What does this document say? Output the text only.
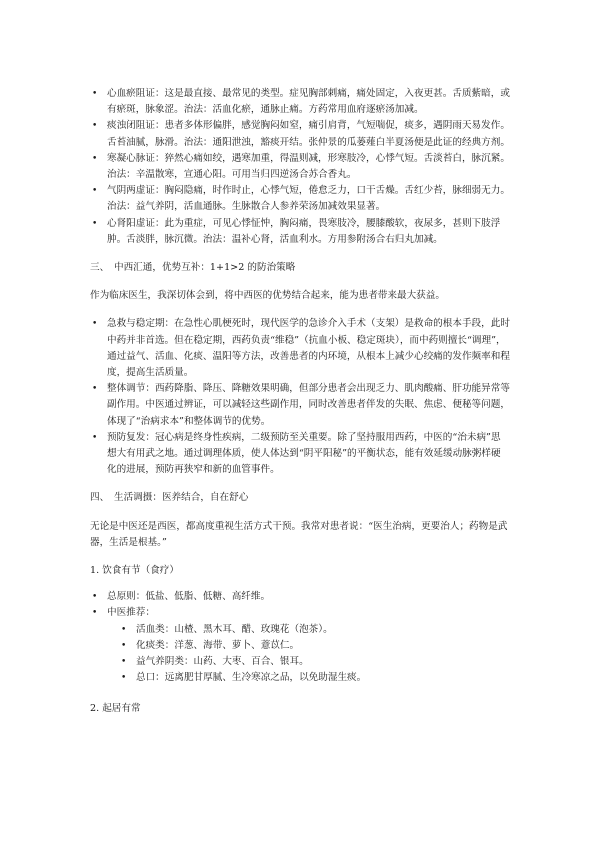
• 心血瘀阻证：这是最直接、最常见的类型。症见胸部刺痛，痛处固定，入夜更甚。舌质紫暗，或有瘀斑，脉象涩。治法：活血化瘀，通脉止痛。方药常用血府逐瘀汤加减。
• 痰浊闭阻证：患者多体形偏胖，感觉胸闷如窒，痛引肩背，气短喘促，痰多，遇阴雨天易发作。舌苔油腻，脉滑。治法：通阳泄浊，豁痰开结。张仲景的瓜蒌薤白半夏汤便是此证的经典方剂。
• 寒凝心脉证：猝然心痛如绞，遇寒加重，得温则减，形寒肢冷，心悸气短。舌淡苔白，脉沉紧。治法：辛温散寒，宣通心阳。可用当归四逆汤合苏合香丸。
• 气阴两虚证：胸闷隐痛，时作时止，心悸气短，倦怠乏力，口干舌燥。舌红少苔，脉细弱无力。治法：益气养阴，活血通脉。生脉散合人参养荣汤加减效果显著。
• 心肾阳虚证：此为重症，可见心悸怔忡，胸闷痛，畏寒肢冷，腰膝酸软，夜尿多，甚则下肢浮肿。舌淡胖，脉沉微。治法：温补心肾，活血利水。方用参附汤合右归丸加减。
三、 中西汇通，优势互补：1+1>2 的防治策略
作为临床医生，我深切体会到，将中西医的优势结合起来，能为患者带来最大获益。
• 急救与稳定期：在急性心肌梗死时，现代医学的急诊介入手术（支架）是救命的根本手段，此时中药并非首选。但在稳定期，西药负责“维稳”（抗血小板、稳定斑块），而中药则擅长“调理”，通过益气、活血、化痰、温阳等方法，改善患者的内环境，从根本上减少心绞痛的发作频率和程度，提高生活质量。
• 整体调节：西药降脂、降压、降糖效果明确，但部分患者会出现乏力、肌肉酸痛、肝功能异常等副作用。中医通过辨证，可以减轻这些副作用，同时改善患者伴发的失眠、焦虑、便秘等问题，体现了“治病求本”和整体调节的优势。
• 预防复发：冠心病是终身性疾病，二级预防至关重要。除了坚持服用西药，中医的“治未病”思想大有用武之地。通过调理体质，使人体达到“阴平阳秘”的平衡状态，能有效延缓动脉粥样硬化的进展，预防再狭窄和新的血管事件。
四、 生活调摄：医养结合，自在舒心
无论是中医还是西医，都高度重视生活方式干预。我常对患者说：“医生治病，更要治人；药物是武器，生活是根基。”
1. 饮食有节（食疗）
• 总原则：低盐、低脂、低糖、高纤维。
• 中医推荐：
• 活血类：山楂、黑木耳、醋、玫瑰花（泡茶）。
• 化痰类：洋葱、海带、萝卜、薏苡仁。
• 益气养阴类：山药、大枣、百合、银耳。
• 总口：远离肥甘厚腻、生冷寒凉之品，以免助湿生痰。
2. 起居有常
